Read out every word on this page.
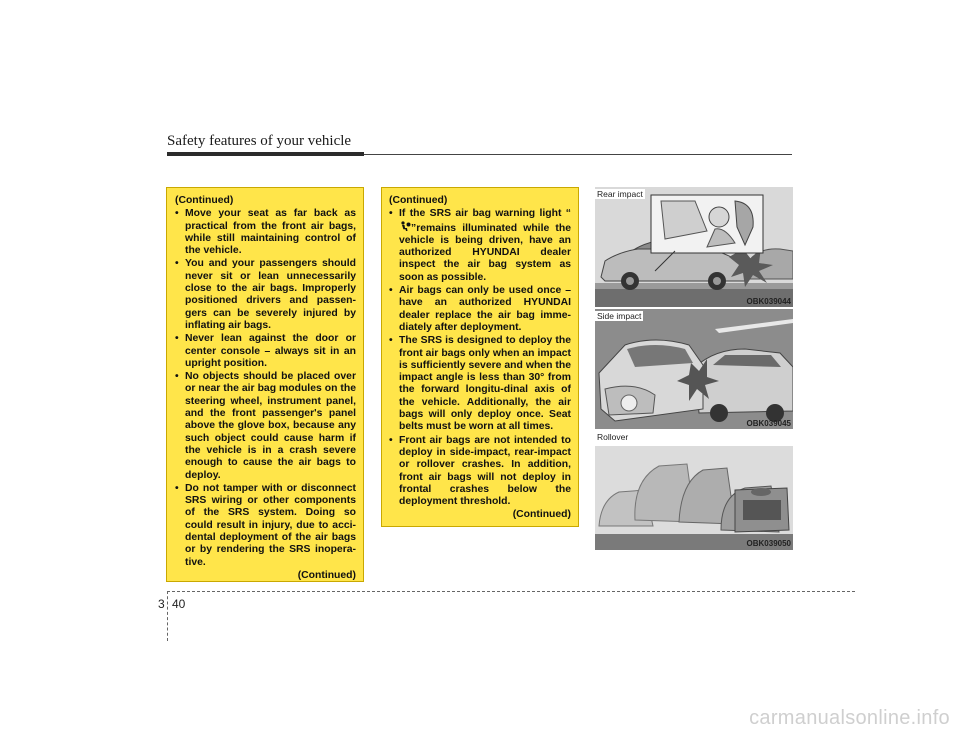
Safety features of your vehicle
(Continued)
• Move your seat as far back as practical from the front air bags, while still maintaining control of the vehicle.
• You and your passengers should never sit or lean unnecessarily close to the air bags. Improperly positioned drivers and passen-gers can be severely injured by inflating air bags.
• Never lean against the door or center console – always sit in an upright position.
• No objects should be placed over or near the air bag modules on the steering wheel, instrument panel, and the front passenger's panel above the glove box, because any such object could cause harm if the vehicle is in a crash severe enough to cause the air bags to deploy.
• Do not tamper with or disconnect SRS wiring or other components of the SRS system. Doing so could result in injury, due to acci-dental deployment of the air bags or by rendering the SRS inopera-tive.
(Continued)
(Continued)
• If the SRS air bag warning light “”remains illuminated while the vehicle is being driven, have an authorized HYUNDAI dealer inspect the air bag system as soon as possible.
• Air bags can only be used once – have an authorized HYUNDAI dealer replace the air bag imme-diately after deployment.
• The SRS is designed to deploy the front air bags only when an impact is sufficiently severe and when the impact angle is less than 30° from the forward longitu-dinal axis of the vehicle. Additionally, the air bags will only deploy once. Seat belts must be worn at all times.
• Front air bags are not intended to deploy in side-impact, rear-impact or rollover crashes. In addition, front air bags will not deploy in frontal crashes below the deployment threshold.
(Continued)
Rear impact
OBK039044
Side impact
OBK039045
Rollover
OBK039050
3 40
carmanualsonline.info
